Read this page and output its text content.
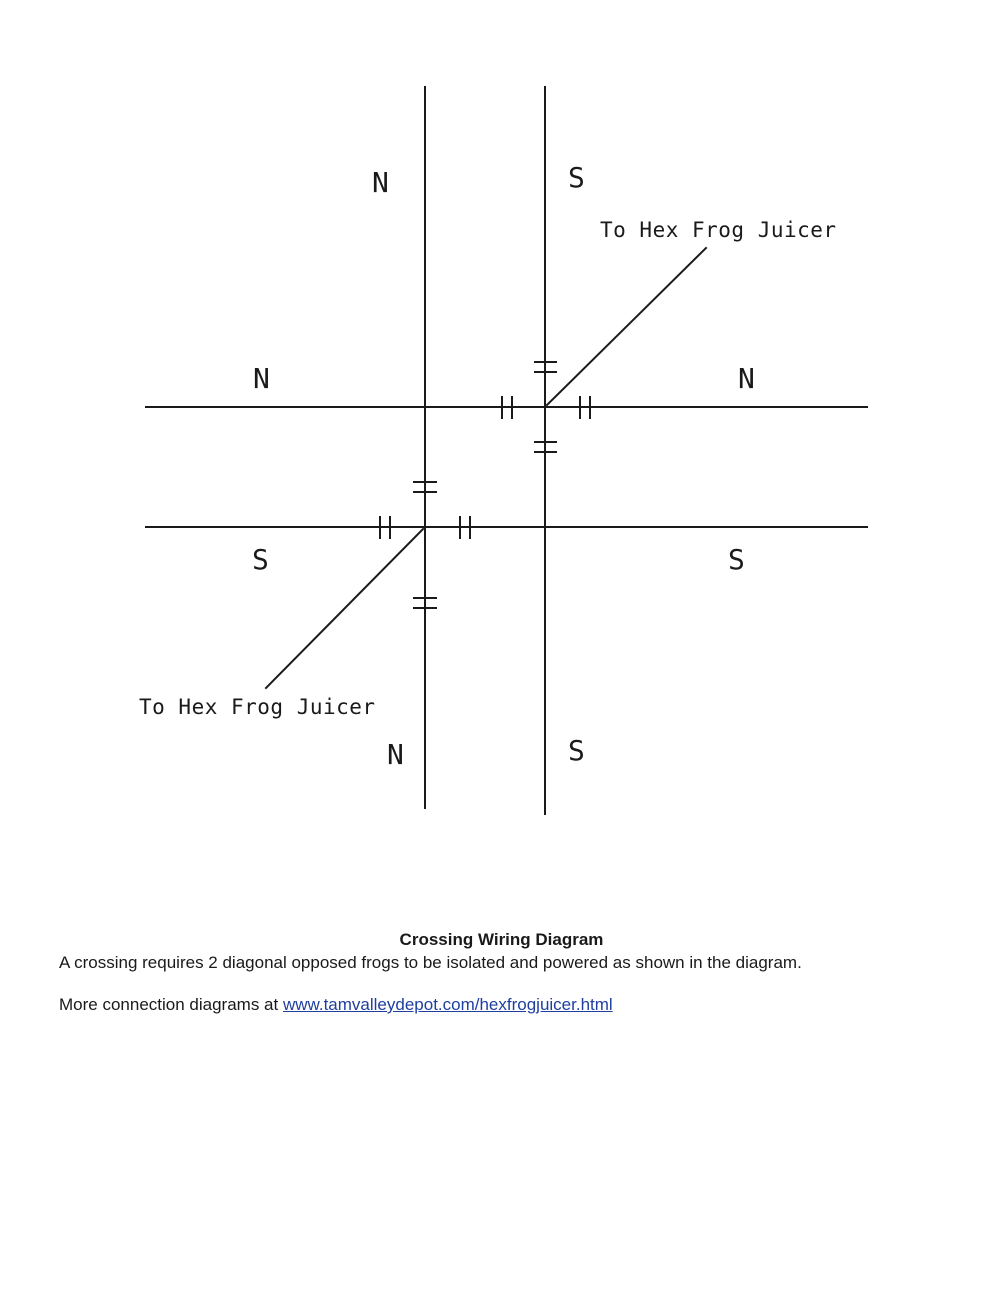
N	S
N	N
S	S
N	S
To Hex Frog Juicer
To Hex Frog Juicer

Crossing Wiring Diagram

A crossing requires 2 diagonal opposed frogs to be isolated and powered as shown in the diagram.

More connection diagrams at www.tamvalleydepot.com/hexfrogjuicer.html
